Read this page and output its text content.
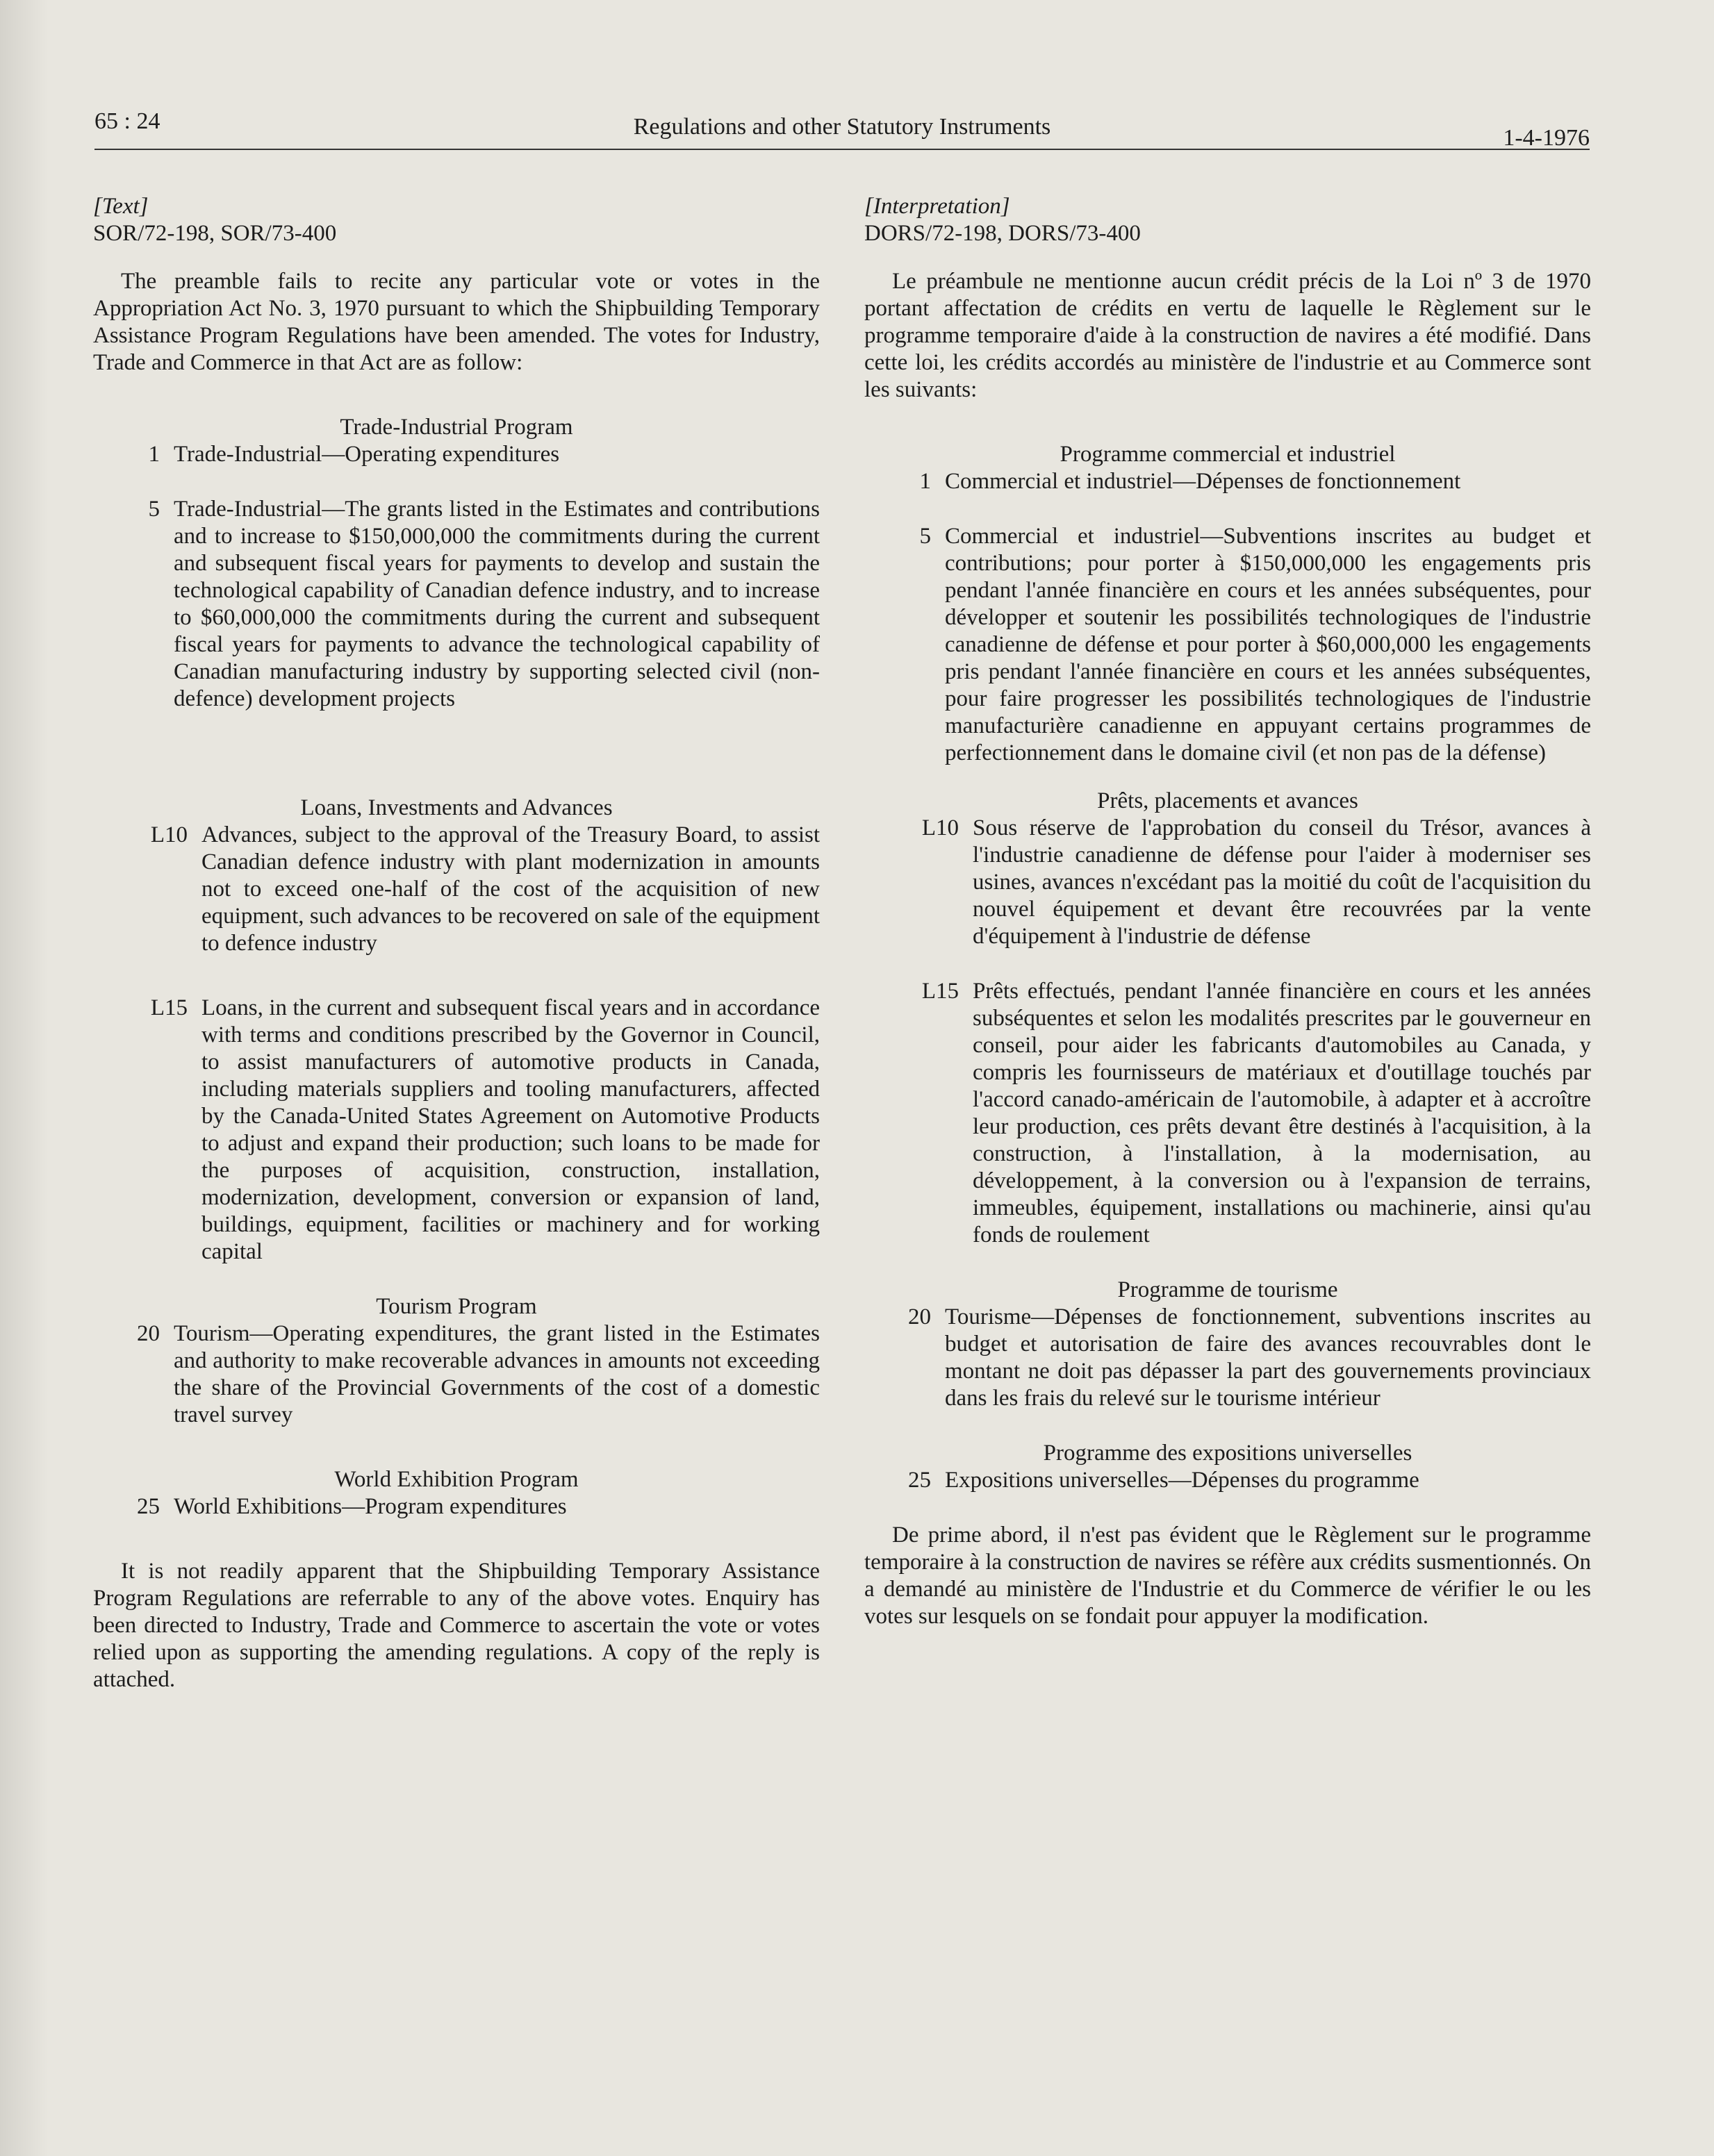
65 : 24	Regulations and other Statutory Instruments	1-4-1976

[Text]

SOR/72-198, SOR/73-400

The preamble fails to recite any particular vote or votes in the Appropriation Act No. 3, 1970 pursuant to which the Shipbuilding Temporary Assistance Program Regulations have been amended. The votes for Industry, Trade and Commerce in that Act are as follow:

Trade-Industrial Program

1 Trade-Industrial—Operating expenditures
5 Trade-Industrial—The grants listed in the Estimates and contributions and to increase to $150,000,000 the commitments during the current and subsequent fiscal years for payments to develop and sustain the technological capability of Canadian defence industry, and to increase to $60,000,000 the commitments during the current and subsequent fiscal years for payments to advance the technological capability of Canadian manufacturing industry by supporting selected civil (non-defence) development projects

Loans, Investments and Advances

L10 Advances, subject to the approval of the Treasury Board, to assist Canadian defence industry with plant modernization in amounts not to exceed one-half of the cost of the acquisition of new equipment, such advances to be recovered on sale of the equipment to defence industry
L15 Loans, in the current and subsequent fiscal years and in accordance with terms and conditions prescribed by the Governor in Council, to assist manufacturers of automotive products in Canada, including materials suppliers and tooling manufacturers, affected by the Canada-United States Agreement on Automotive Products to adjust and expand their production; such loans to be made for the purposes of acquisition, construction, installation, modernization, development, conversion or expansion of land, buildings, equipment, facilities or machinery and for working capital

Tourism Program

20 Tourism—Operating expenditures, the grant listed in the Estimates and authority to make recoverable advances in amounts not exceeding the share of the Provincial Governments of the cost of a domestic travel survey

World Exhibition Program

25 World Exhibitions—Program expenditures

It is not readily apparent that the Shipbuilding Temporary Assistance Program Regulations are referrable to any of the above votes. Enquiry has been directed to Industry, Trade and Commerce to ascertain the vote or votes relied upon as supporting the amending regulations. A copy of the reply is attached.

[Interpretation]

DORS/72-198, DORS/73-400

Le préambule ne mentionne aucun crédit précis de la Loi nº 3 de 1970 portant affectation de crédits en vertu de laquelle le Règlement sur le programme temporaire d'aide à la construction de navires a été modifié. Dans cette loi, les crédits accordés au ministère de l'industrie et au Commerce sont les suivants:

Programme commercial et industriel

1 Commercial et industriel—Dépenses de fonctionnement
5 Commercial et industriel—Subventions inscrites au budget et contributions; pour porter à $150,000,000 les engagements pris pendant l'année financière en cours et les années subséquentes, pour développer et soutenir les possibilités technologiques de l'industrie canadienne de défense et pour porter à $60,000,000 les engagements pris pendant l'année financière en cours et les années subséquentes, pour faire progresser les possibilités technologiques de l'industrie manufacturière canadienne en appuyant certains programmes de perfectionnement dans le domaine civil (et non pas de la défense)

Prêts, placements et avances

L10 Sous réserve de l'approbation du conseil du Trésor, avances à l'industrie canadienne de défense pour l'aider à moderniser ses usines, avances n'excédant pas la moitié du coût de l'acquisition du nouvel équipement et devant être recouvrées par la vente d'équipement à l'industrie de défense
L15 Prêts effectués, pendant l'année financière en cours et les années subséquentes et selon les modalités prescrites par le gouverneur en conseil, pour aider les fabricants d'automobiles au Canada, y compris les fournisseurs de matériaux et d'outillage touchés par l'accord canado-américain de l'automobile, à adapter et à accroître leur production, ces prêts devant être destinés à l'acquisition, à la construction, à l'installation, à la modernisation, au développement, à la conversion ou à l'expansion de terrains, immeubles, équipement, installations ou machinerie, ainsi qu'au fonds de roulement

Programme de tourisme

20 Tourisme—Dépenses de fonctionnement, subventions inscrites au budget et autorisation de faire des avances recouvrables dont le montant ne doit pas dépasser la part des gouvernements provinciaux dans les frais du relevé sur le tourisme intérieur

Programme des expositions universelles

25 Expositions universelles—Dépenses du programme

De prime abord, il n'est pas évident que le Règlement sur le programme temporaire à la construction de navires se réfère aux crédits susmentionnés. On a demandé au ministère de l'Industrie et du Commerce de vérifier le ou les votes sur lesquels on se fondait pour appuyer la modification.
